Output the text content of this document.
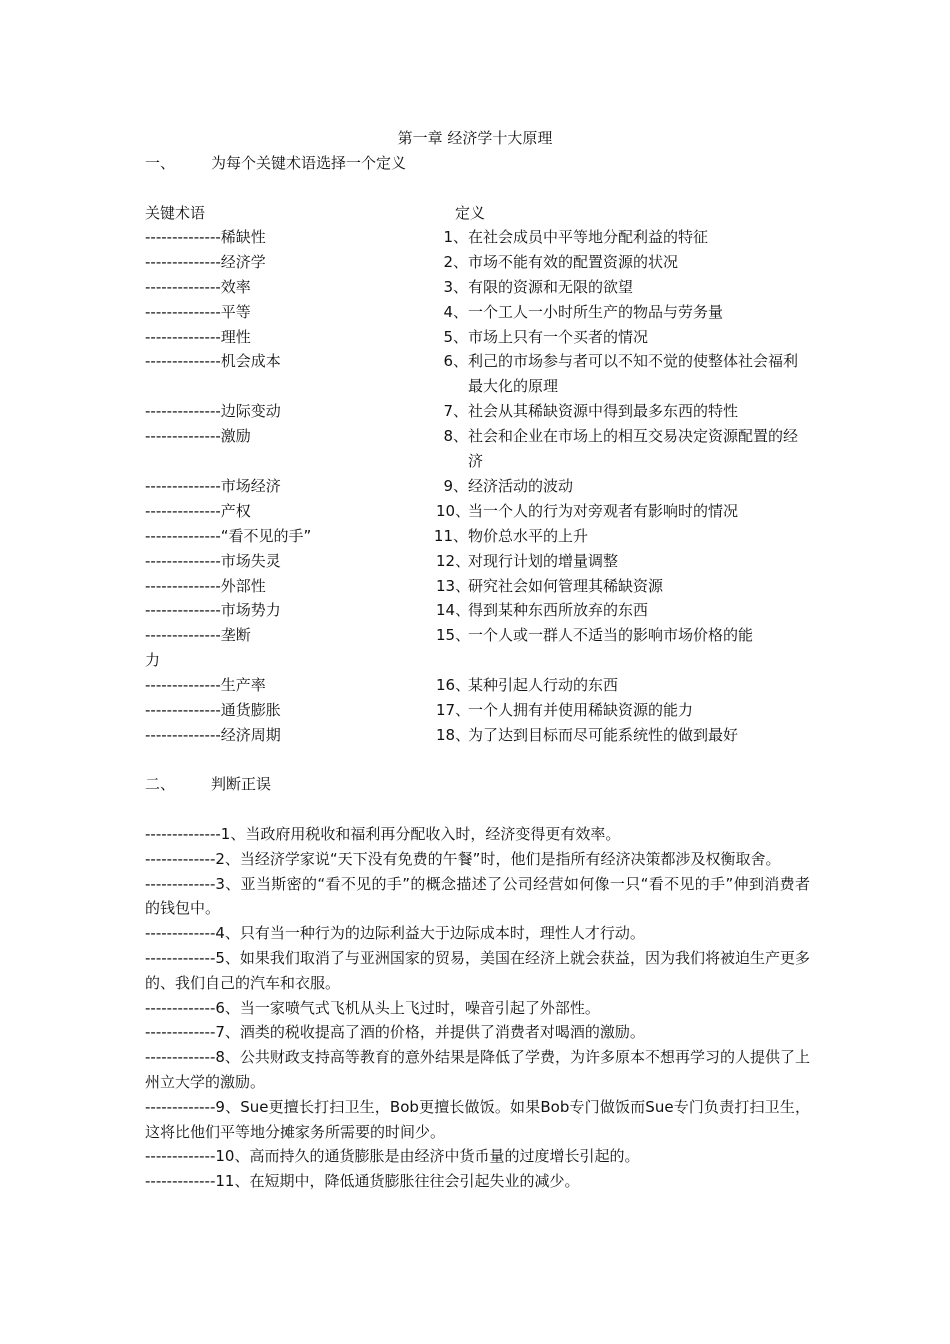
第一章 经济学十大原理
一、 为每个关键术语选择一个定义
关键术语	定义
--------------稀缺性
--------------经济学
--------------效率
--------------平等
--------------理性
--------------机会成本
--------------边际变动
--------------激励
--------------市场经济
--------------产权
--------------“看不见的手”
--------------市场失灵
--------------外部性
--------------市场势力
--------------垄断
力
--------------生产率
--------------通货膨胀
--------------经济周期
1、 在社会成员中平等地分配利益的特征
2、 市场不能有效的配置资源的状况
3、 有限的资源和无限的欲望
4、 一个工人一小时所生产的物品与劳务量
5、 市场上只有一个买者的情况
6、 利己的市场参与者可以不知不觉的使整体社会福利最大化的原理
7、 社会从其稀缺资源中得到最多东西的特性
8、 社会和企业在市场上的相互交易决定资源配置的经济
9、 经济活动的波动
10、
当一个人的行为对旁观者有影响时的情况
11、 物价总水平的上升
12、
对现行计划的增量调整
13、
研究社会如何管理其稀缺资源
14、
得到某种东西所放弃的东西
15、
一个人或一群人不适当的影响市场价格的能
16、
某种引起人行动的东西
17、
一个人拥有并使用稀缺资源的能力
18、
为了达到目标而尽可能系统性的做到最好
二、 判断正误
--------------1、当政府用税收和福利再分配收入时，经济变得更有效率。
-------------2、当经济学家说“天下没有免费的午餐”时，他们是指所有经济决策都涉及权衡取舍。
-------------3、亚当斯密的“看不见的手”的概念描述了公司经营如何像一只“看不见的手”伸到消费者的钱包中。
-------------4、只有当一种行为的边际利益大于边际成本时，理性人才行动。
-------------5、如果我们取消了与亚洲国家的贸易，美国在经济上就会获益，因为我们将被迫生产更多的、我们自己的汽车和衣服。
-------------6、当一家喷气式飞机从头上飞过时，噪音引起了外部性。
-------------7、酒类的税收提高了酒的价格，并提供了消费者对喝酒的激励。
-------------8、公共财政支持高等教育的意外结果是降低了学费，为许多原本不想再学习的人提供了上州立大学的激励。
-------------9、Sue更擅长打扫卫生，Bob更擅长做饭。如果Bob专门做饭而Sue专门负责打扫卫生，这将比他们平等地分摊家务所需要的时间少。
-------------10、高而持久的通货膨胀是由经济中货币量的过度增长引起的。
-------------11、在短期中，降低通货膨胀往往会引起失业的减少。
